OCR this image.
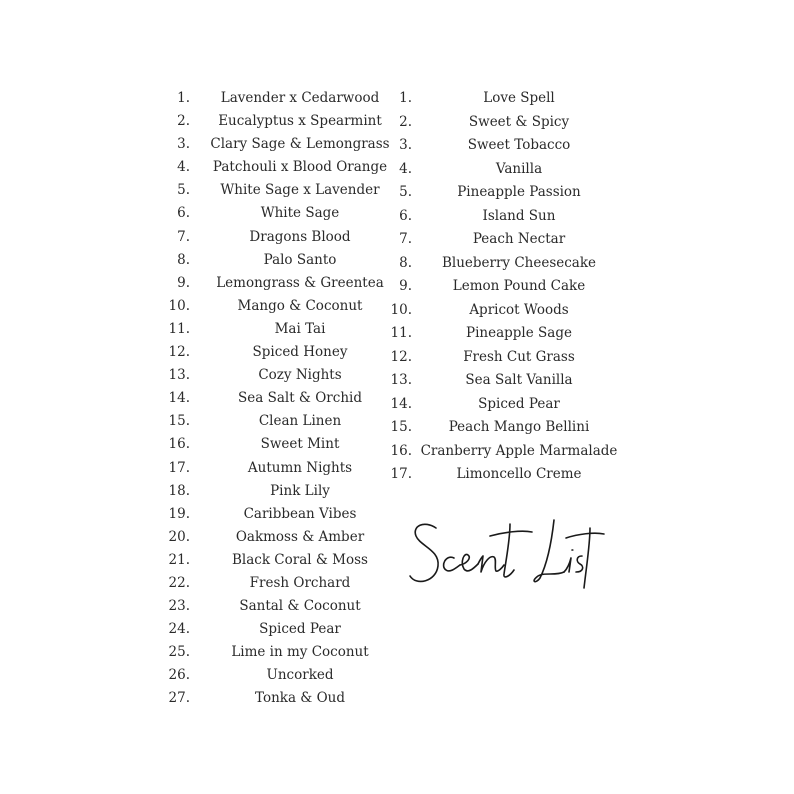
1.	Lavender x Cedarwood
2.	Eucalyptus x Spearmint
3. Clary Sage & Lemongrass
4. Patchouli x Blood Orange
5.	White Sage x Lavender
6.	White Sage
7.	Dragons Blood
8.	Palo Santo
9.	Lemongrass & Greentea
10.	Mango & Coconut
11.	Mai Tai
12.	Spiced Honey
13.	Cozy Nights
14.	Sea Salt & Orchid
15.	Clean Linen
16.	Sweet Mint
17.	Autumn Nights
18.	Pink Lily
19.	Caribbean Vibes
20.	Oakmoss & Amber
21.	Black Coral & Moss
22.	Fresh Orchard
23.	Santal & Coconut
24.	Spiced Pear
25.	Lime in my Coconut
26.	Uncorked
27.	Tonka & Oud
1.	Love Spell
2.	Sweet & Spicy
3.	Sweet Tobacco
4.	Vanilla
5.	Pineapple Passion
6.	Island Sun
7.	Peach Nectar
8.	Blueberry Cheesecake
9.	Lemon Pound Cake
10.	Apricot Woods
11.	Pineapple Sage
12.	Fresh Cut Grass
13.	Sea Salt Vanilla
14.	Spiced Pear
15.	Peach Mango Bellini
16. Cranberry Apple Marmalade
17.	Limoncello Creme
